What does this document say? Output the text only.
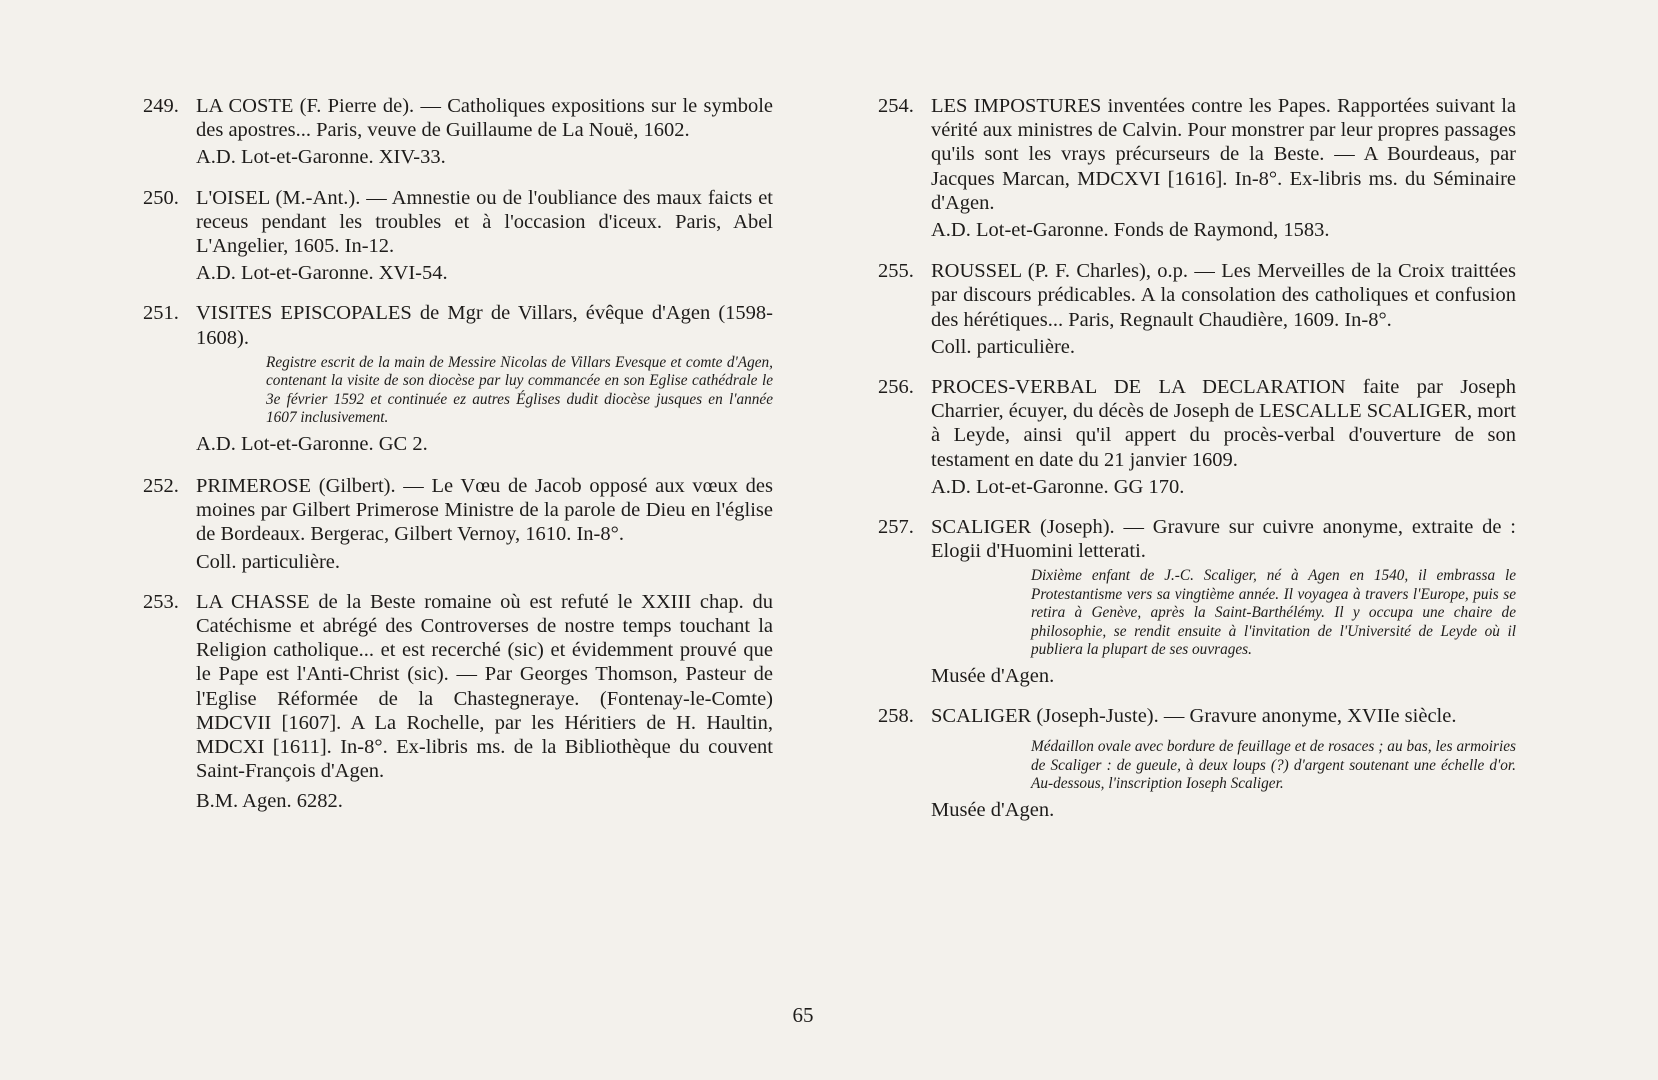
249. LA COSTE (F. Pierre de). — Catholiques expositions sur le symbole des apostres... Paris, veuve de Guillaume de La Nouë, 1602.

A.D. Lot-et-Garonne. XIV-33.

250. L'OISEL (M.-Ant.). — Amnestie ou de l'oubliance des maux faicts et receus pendant les troubles et à l'occasion d'iceux. Paris, Abel L'Angelier, 1605. In-12.

A.D. Lot-et-Garonne. XVI-54.

251. VISITES EPISCOPALES de Mgr de Villars, évêque d'Agen (1598-1608).

Registre escrit de la main de Messire Nicolas de Villars Evesque et comte d'Agen, contenant la visite de son diocèse par luy commancée en son Eglise cathédrale le 3e février 1592 et continuée ez autres Églises dudit diocèse jusques en l'année 1607 inclusivement.

A.D. Lot-et-Garonne. GC 2.

252. PRIMEROSE (Gilbert). — Le Vœu de Jacob opposé aux vœux des moines par Gilbert Primerose Ministre de la parole de Dieu en l'église de Bordeaux. Bergerac, Gilbert Vernoy, 1610. In-8°.

Coll. particulière.

253. LA CHASSE de la Beste romaine où est refuté le XXIII chap. du Catéchisme et abrégé des Controverses de nostre temps touchant la Religion catholique... et est recerché (sic) et évidemment prouvé que le Pape est l'Anti-Christ (sic). — Par Georges Thomson, Pasteur de l'Eglise Réformée de la Chastegneraye. (Fontenay-le-Comte) MDCVII [1607]. A La Rochelle, par les Héritiers de H. Haultin, MDCXI [1611]. In-8°. Ex-libris ms. de la Bibliothèque du couvent Saint-François d'Agen.

B.M. Agen. 6282.

254. LES IMPOSTURES inventées contre les Papes. Rapportées suivant la vérité aux ministres de Calvin. Pour monstrer par leur propres passages qu'ils sont les vrays précurseurs de la Beste. — A Bourdeaus, par Jacques Marcan, MDCXVI [1616]. In-8°. Ex-libris ms. du Séminaire d'Agen.

A.D. Lot-et-Garonne. Fonds de Raymond, 1583.

255. ROUSSEL (P. F. Charles), o.p. — Les Merveilles de la Croix traittées par discours prédicables. A la consolation des catholiques et confusion des hérétiques... Paris, Regnault Chaudière, 1609. In-8°.

Coll. particulière.

256. PROCES-VERBAL DE LA DECLARATION faite par Joseph Charrier, écuyer, du décès de Joseph de LESCALLE SCALIGER, mort à Leyde, ainsi qu'il appert du procès-verbal d'ouverture de son testament en date du 21 janvier 1609.

A.D. Lot-et-Garonne. GG 170.

257. SCALIGER (Joseph). — Gravure sur cuivre anonyme, extraite de : Elogii d'Huomini letterati.

Dixième enfant de J.-C. Scaliger, né à Agen en 1540, il embrassa le Protestantisme vers sa vingtième année. Il voyagea à travers l'Europe, puis se retira à Genève, après la Saint-Barthélémy. Il y occupa une chaire de philosophie, se rendit ensuite à l'invitation de l'Université de Leyde où il publiera la plupart de ses ouvrages.

Musée d'Agen.

258. SCALIGER (Joseph-Juste). — Gravure anonyme, XVIIe siècle.

Médaillon ovale avec bordure de feuillage et de rosaces ; au bas, les armoiries de Scaliger : de gueule, à deux loups (?) d'argent soutenant une échelle d'or. Au-dessous, l'inscription Ioseph Scaliger.

Musée d'Agen.

65
